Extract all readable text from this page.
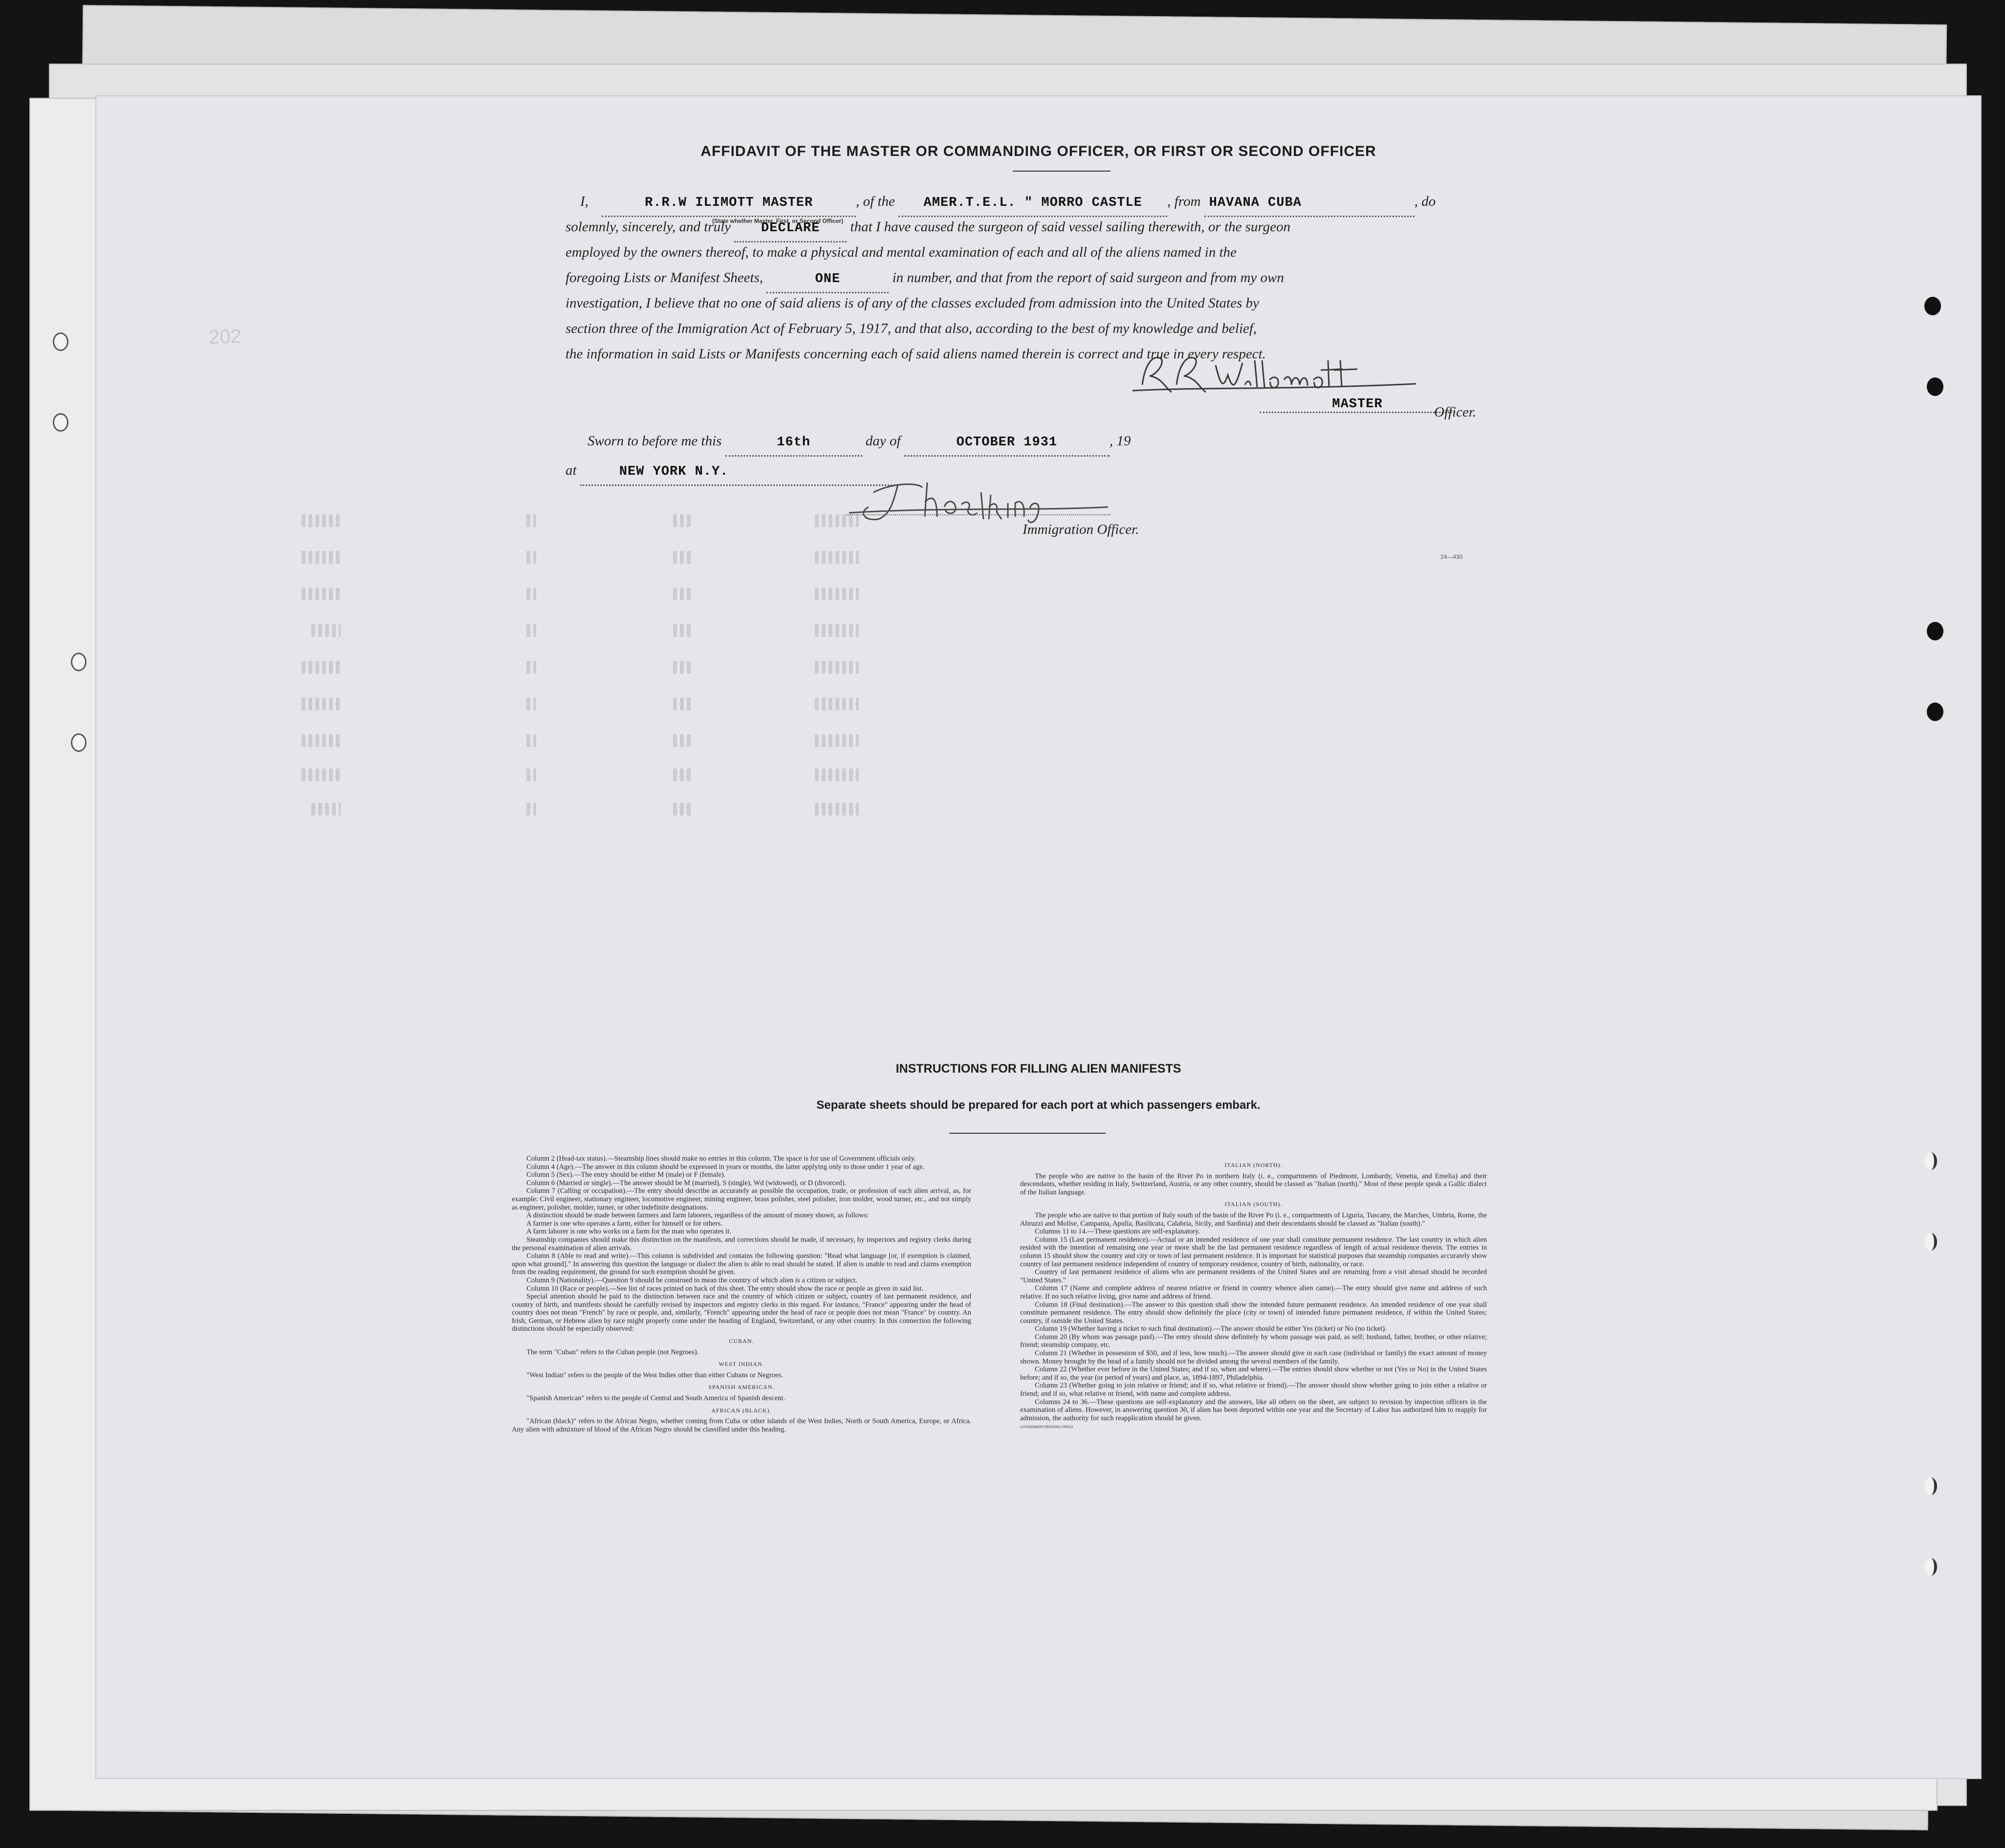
202
AFFIDAVIT OF THE MASTER OR COMMANDING OFFICER, OR FIRST OR SECOND OFFICER
I,	R.R.W ILIMOTT MASTER	, of the AMER.T.E.L. " MORRO CASTLE , from HAVANA CUBA	, do
(State whether Master, First, or Second Officer)
solemnly, sincerely, and truly DECLARE that I have caused the surgeon of said vessel sailing therewith, or the surgeon
employed by the owners thereof, to make a physical and mental examination of each and all of the aliens named in the
foregoing Lists or Manifest Sheets,	ONE	in number, and that from the report of said surgeon and from my own
investigation, I believe that no one of said aliens is of any of the classes excluded from admission into the United States by
section three of the Immigration Act of February 5, 1917, and that also, according to the best of my knowledge and belief,
the information in said Lists or Manifests concerning each of said aliens named therein is correct and true in every respect.
MASTER	Officer.
Sworn to before me this	16th	day of	OCTOBER 1931	, 19
at	NEW YORK N.Y.
Immigration Officer.
24—430
INSTRUCTIONS FOR FILLING ALIEN MANIFESTS
Separate sheets should be prepared for each port at which passengers embark.

Column 2 (Head-tax status).—Steamship lines should make no entries in this column. The space is for use of Government officials only.

Column 4 (Age).—The answer in this column should be expressed in years or months, the latter applying only to those under 1 year of age.

Column 5 (Sex).—The entry should be either M (male) or F (female).

Column 6 (Married or single).—The answer should be M (married), S (single), Wd (widowed), or D (divorced).

Column 7 (Calling or occupation).—The entry should describe as accurately as possible the occupation, trade, or profession of each alien arrival, as, for example: Civil engineer, stationary engineer, locomotive engineer, mining engineer, brass polisher, steel polisher, iron molder, wood turner, etc., and not simply as engineer, polisher, molder, turner, or other indefinite designations.

A distinction should be made between farmers and farm laborers, regardless of the amount of money shown, as follows:

A farmer is one who operates a farm, either for himself or for others.

A farm laborer is one who works on a farm for the man who operates it.

Steamship companies should make this distinction on the manifests, and corrections should be made, if necessary, by inspectors and registry clerks during the personal examination of alien arrivals.

Column 8 (Able to read and write).—This column is subdivided and contains the following question: "Read what language [or, if exemption is claimed, upon what ground]." In answering this question the language or dialect the alien is able to read should be stated. If alien is unable to read and claims exemption from the reading requirement, the ground for such exemption should be given.

Column 9 (Nationality).—Question 9 should be construed to mean the country of which alien is a citizen or subject.

Column 10 (Race or people).—See list of races printed on back of this sheet. The entry should show the race or people as given in said list.

Special attention should be paid to the distinction between race and the country of which citizen or subject, country of last permanent residence, and country of birth, and manifests should be carefully revised by inspectors and registry clerks in this regard. For instance, "France" appearing under the head of country does not mean "French" by race or people, and, similarly, "French" appearing under the head of race or people does not mean "France" by country. An Irish, German, or Hebrew alien by race might properly come under the heading of England, Switzerland, or any other country. In this connection the following distinctions should be especially observed:

CUBAN.

The term "Cuban" refers to the Cuban people (not Negroes).

WEST INDIAN.

"West Indian" refers to the people of the West Indies other than either Cubans or Negroes.

SPANISH AMERICAN.

"Spanish American" refers to the people of Central and South America of Spanish descent.

AFRICAN (BLACK).

"African (black)" refers to the African Negro, whether coming from Cuba or other islands of the West Indies, North or South America, Europe, or Africa. Any alien with admixture of blood of the African Negro should be classified under this heading.

ITALIAN (NORTH).

The people who are native to the basin of the River Po in northern Italy (i. e., compartments of Piedmont, Lombardy, Venetia, and Emelia) and their descendants, whether residing in Italy, Switzerland, Austria, or any other country, should be classed as "Italian (north)." Most of these people speak a Gallic dialect of the Italian language.

ITALIAN (SOUTH).

The people who are native to that portion of Italy south of the basin of the River Po (i. e., compartments of Liguria, Tuscany, the Marches, Umbria, Rome, the Abruzzi and Molise, Campania, Apulia, Basilicata, Calabria, Sicily, and Sardinia) and their descendants should be classed as "Italian (south)."

Columns 11 to 14.—These questions are self-explanatory.

Column 15 (Last permanent residence).—Actual or an intended residence of one year shall constitute permanent residence. The last country in which alien resided with the intention of remaining one year or more shall be the last permanent residence regardless of length of actual residence therein. The entries in column 15 should show the country and city or town of last permanent residence. It is important for statistical purposes that steamship companies accurately show country of last permanent residence independent of country of temporary residence, country of birth, nationality, or race.

Country of last permanent residence of aliens who are permanent residents of the United States and are returning from a visit abroad should be recorded "United States."

Column 17 (Name and complete address of nearest relative or friend in country whence alien came).—The entry should give name and address of such relative. If no such relative living, give name and address of friend.

Column 18 (Final destination).—The answer to this question shall show the intended future permanent residence. An intended residence of one year shall constitute permanent residence. The entry should show definitely the place (city or town) of intended future permanent residence, if within the United States; country, if outside the United States.

Column 19 (Whether having a ticket to such final destination).—The answer should be either Yes (ticket) or No (no ticket).

Column 20 (By whom was passage paid).—The entry should show definitely by whom passage was paid, as self; husband, father, brother, or other relative; friend; steamship company, etc.

Column 21 (Whether in possession of $50, and if less, how much).—The answer should give in each case (individual or family) the exact amount of money shown. Money brought by the head of a family should not be divided among the several members of the family.

Column 22 (Whether ever before in the United States; and if so, when and where).—The entries should show whether or not (Yes or No) in the United States before; and if so, the year (or period of years) and place, as, 1894-1897, Philadelphia.

Column 23 (Whether going to join relative or friend; and if so, what relative or friend).—The answer should show whether going to join either a relative or friend; and if so, what relative or friend, with name and complete address.

Columns 24 to 36.—These questions are self-explanatory and the answers, like all others on the sheet, are subject to revision by inspection officers in the examination of aliens. However, in answering question 30, if alien has been deported within one year and the Secretary of Labor has authorized him to reapply for admission, the authority for such reapplication should be given.

GOVERNMENT PRINTING OFFICE
